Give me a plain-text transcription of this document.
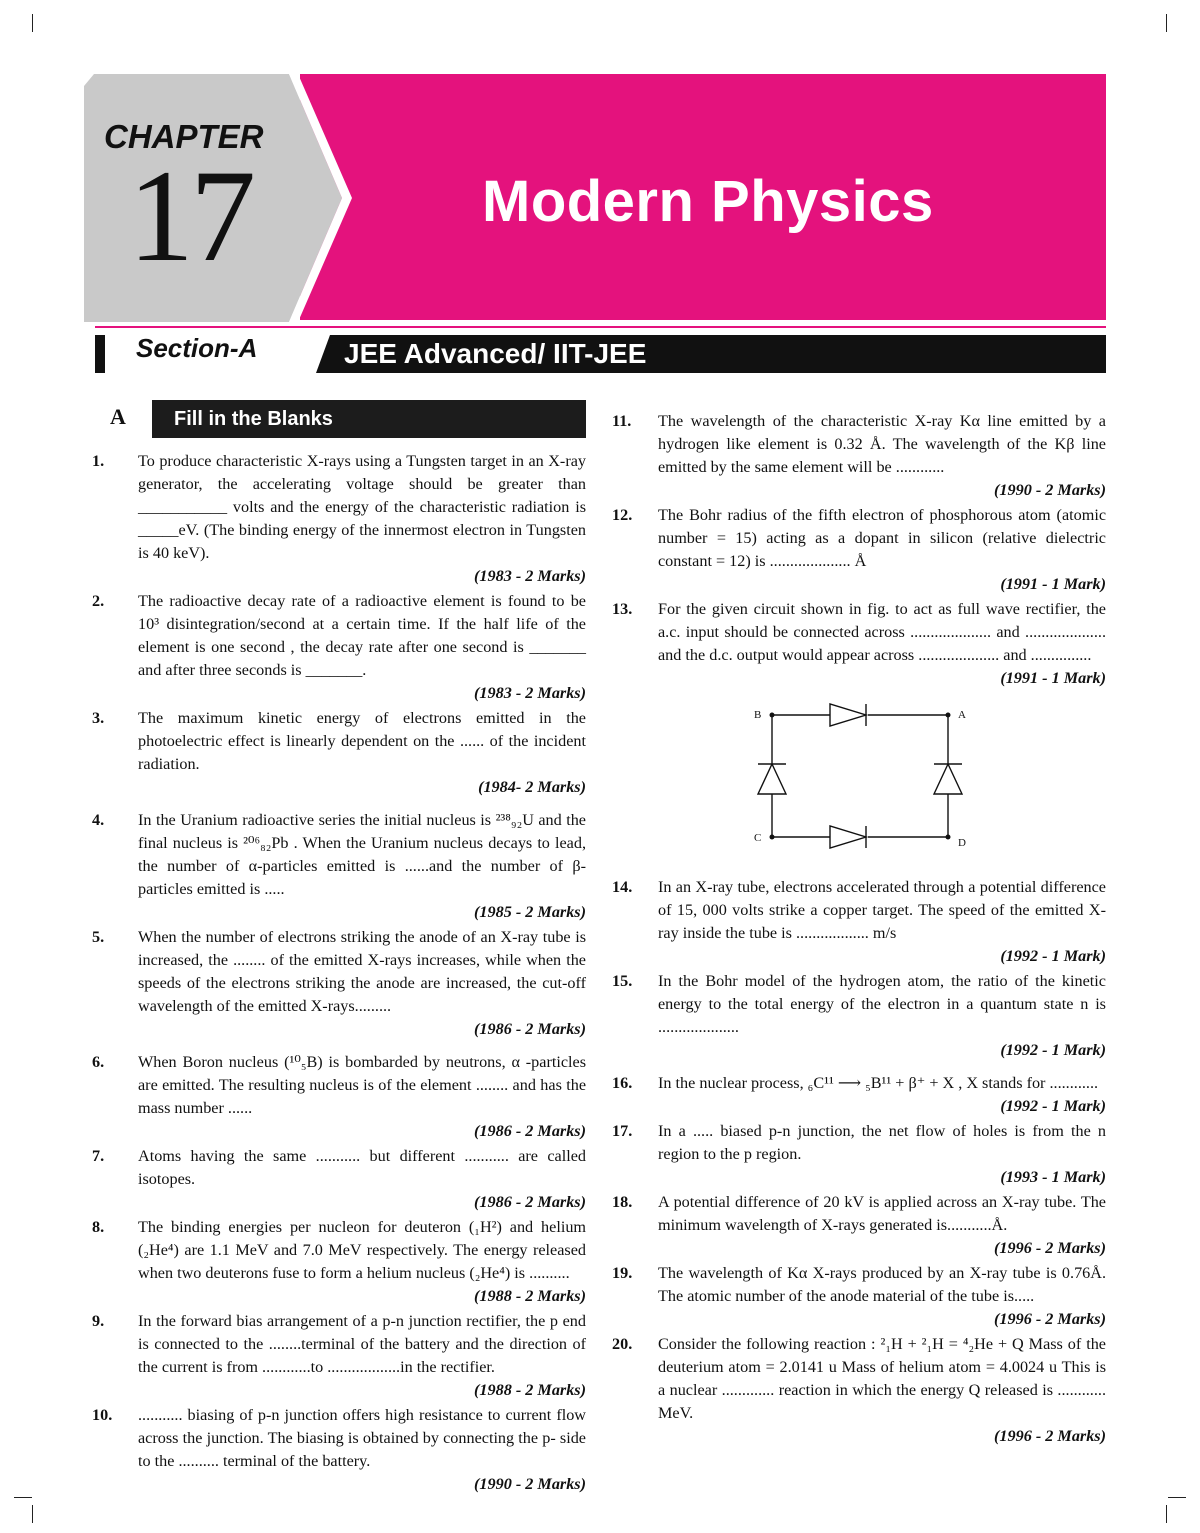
Modern Physics
CHAPTER
17
Section-A	JEE Advanced/ IIT-JEE
A	Fill in the Blanks
1. To produce characteristic X-rays using a Tungsten target in an X-ray generator, the accelerating voltage should be greater than ___________ volts and the energy of the characteristic radiation is _____eV. (The binding energy of the innermost electron in Tungsten is 40 keV).

(1983 - 2 Marks)
2. The radioactive decay rate of a radioactive element is found to be 10³ disintegration/second at a certain time. If the half life of the element is one second , the decay rate after one second is _______ and after three seconds is _______.

(1983 - 2 Marks)
3. The maximum kinetic energy of electrons emitted in the photoelectric effect is linearly dependent on the ...... of the incident radiation.

(1984- 2 Marks)
4. In the Uranium radioactive series the initial nucleus is ²³⁸₉₂U and the final nucleus is ²⁰⁶₈₂Pb . When the Uranium nucleus decays to lead, the number of α-particles emitted is ......and the number of β-particles emitted is .....

(1985 - 2 Marks)
5. When the number of electrons striking the anode of an X-ray tube is increased, the ........ of the emitted X-rays increases, while when the speeds of the electrons striking the anode are increased, the cut-off wavelength of the emitted X-rays.........

(1986 - 2 Marks)
6. When Boron nucleus (¹⁰₅B) is bombarded by neutrons, α -particles are emitted. The resulting nucleus is of the element ........ and has the mass number ......

(1986 - 2 Marks)
7. Atoms having the same ........... but different ........... are called isotopes.

(1986 - 2 Marks)
8. The binding energies per nucleon for deuteron (₁H²) and helium (₂He⁴) are 1.1 MeV and 7.0 MeV respectively. The energy released when two deuterons fuse to form a helium nucleus (₂He⁴) is ..........

(1988 - 2 Marks)
9. In the forward bias arrangement of a p-n junction rectifier, the p end is connected to the ........terminal of the battery and the direction of the current is from ............to ..................in the rectifier.

(1988 - 2 Marks)
10. ........... biasing of p-n junction offers high resistance to current flow across the junction. The biasing is obtained by connecting the p- side to the .......... terminal of the battery.

(1990 - 2 Marks)
11. The wavelength of the characteristic X-ray Kα line emitted by a hydrogen like element is 0.32 Å. The wavelength of the Kβ line emitted by the same element will be ............

(1990 - 2 Marks)
12. The Bohr radius of the fifth electron of phosphorous atom (atomic number = 15) acting as a dopant in silicon (relative dielectric constant = 12) is .................... Å

(1991 - 1 Mark)
13. For the given circuit shown in fig. to act as full wave rectifier, the a.c. input should be connected across .................... and .................... and the d.c. output would appear across .................... and ...............

(1991 - 1 Mark)
14. In an X-ray tube, electrons accelerated through a potential difference of 15, 000 volts strike a copper target. The speed of the emitted X-ray inside the tube is .................. m/s

(1992 - 1 Mark)
15. In the Bohr model of the hydrogen atom, the ratio of the kinetic energy to the total energy of the electron in a quantum state n is ....................

(1992 - 1 Mark)
16. In the nuclear process, ₆C¹¹ ⟶ ₅B¹¹ + β⁺ + X , X stands for ............

(1992 - 1 Mark)
17. In a ..... biased p-n junction, the net flow of holes is from the n region to the p region.

(1993 - 1 Mark)
18. A potential difference of 20 kV is applied across an X-ray tube. The minimum wavelength of X-rays generated is...........Å.

(1996 - 2 Marks)
19. The wavelength of Kα X-rays produced by an X-ray tube is 0.76Å. The atomic number of the anode material of the tube is.....

(1996 - 2 Marks)
20. Consider the following reaction : ²₁H + ²₁H = ⁴₂He + Q Mass of the deuterium atom = 2.0141 u Mass of helium atom = 4.0024 u This is a nuclear ............. reaction in which the energy Q released is ............ MeV.

(1996 - 2 Marks)
B	A
C	D
